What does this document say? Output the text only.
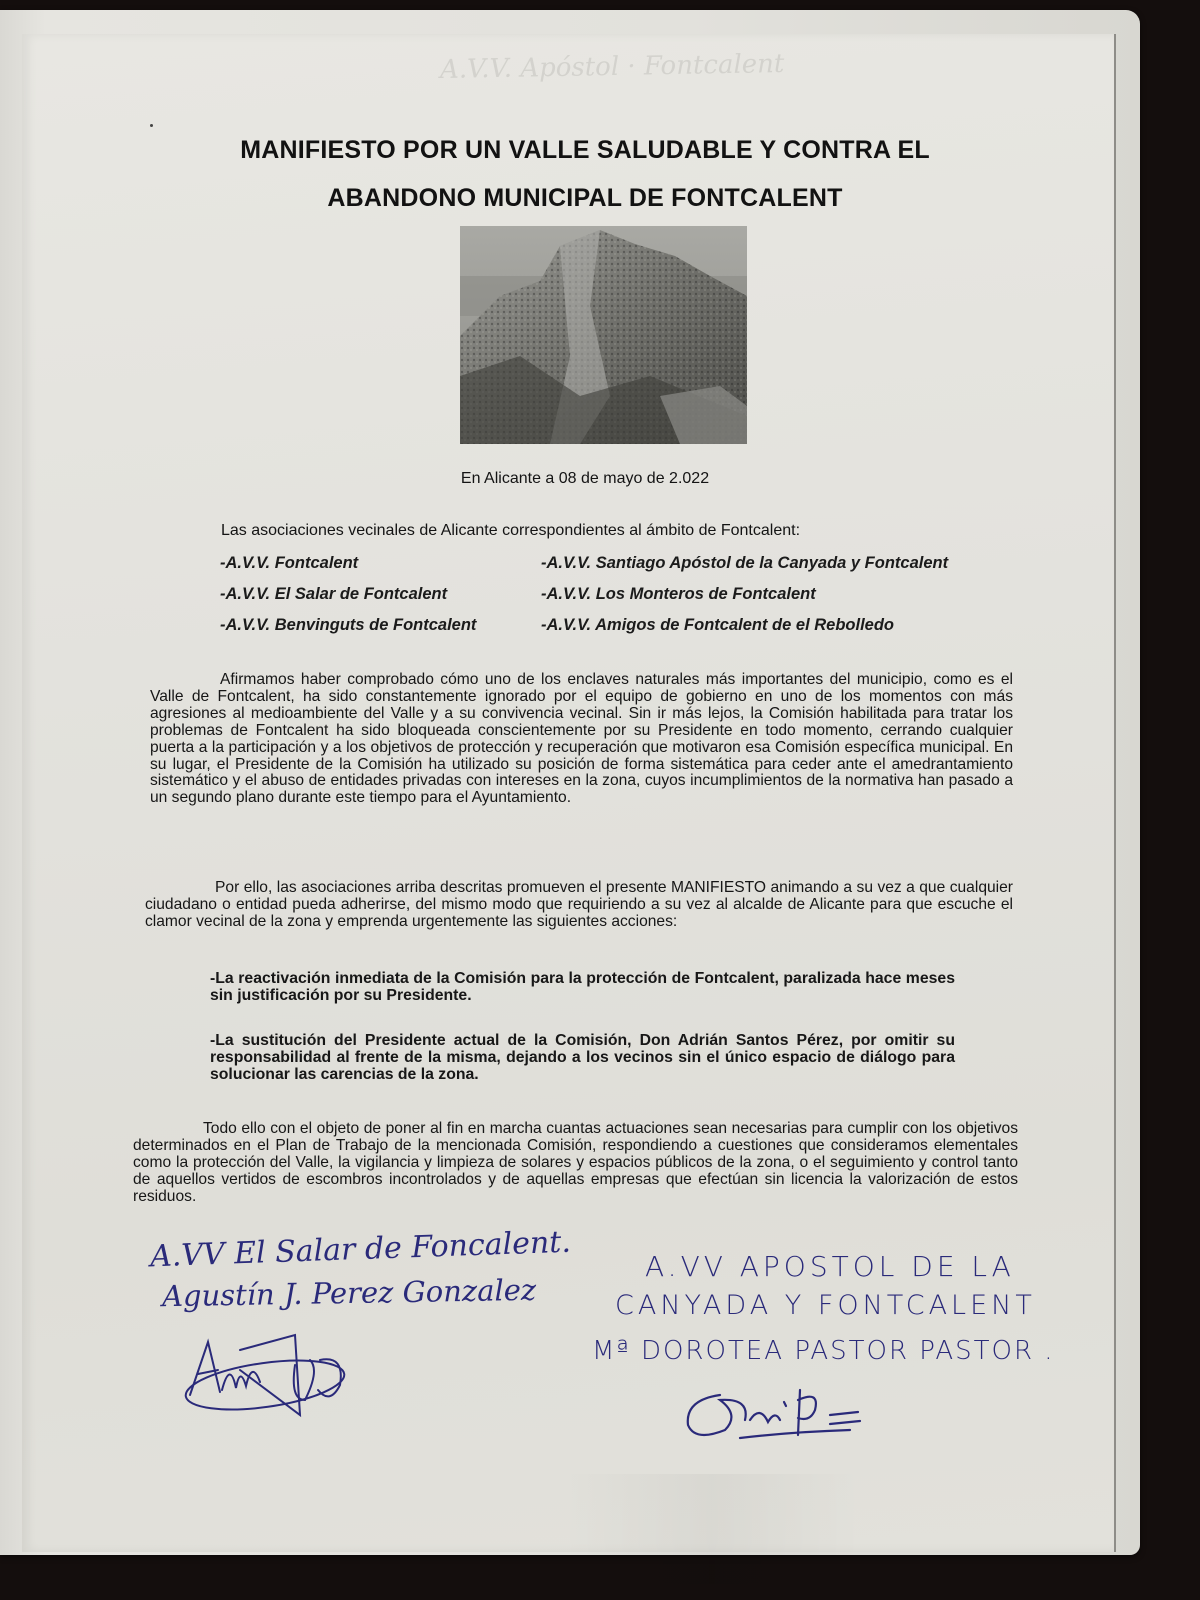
A.V.V. Apóstol · Fontcalent
MANIFIESTO POR UN VALLE SALUDABLE Y CONTRA EL
ABANDONO MUNICIPAL DE FONTCALENT
En Alicante a 08 de mayo de 2.022
Las asociaciones vecinales de Alicante correspondientes al ámbito de Fontcalent:
-A.V.V. Fontcalent
-A.V.V. El Salar de Fontcalent
-A.V.V. Benvinguts de Fontcalent
-A.V.V. Santiago Apóstol de la Canyada y Fontcalent
-A.V.V. Los Monteros de Fontcalent
-A.V.V. Amigos de Fontcalent de el Rebolledo
Afirmamos haber comprobado cómo uno de los enclaves naturales más importantes del municipio, como es el Valle de Fontcalent, ha sido constantemente ignorado por el equipo de gobierno en uno de los momentos con más agresiones al medioambiente del Valle y a su convivencia vecinal. Sin ir más lejos, la Comisión habilitada para tratar los problemas de Fontcalent ha sido bloqueada conscientemente por su Presidente en todo momento, cerrando cualquier puerta a la participación y a los objetivos de protección y recuperación que motivaron esa Comisión específica municipal. En su lugar, el Presidente de la Comisión ha utilizado su posición de forma sistemática para ceder ante el amedrantamiento sistemático y el abuso de entidades privadas con intereses en la zona, cuyos incumplimientos de la normativa han pasado a un segundo plano durante este tiempo para el Ayuntamiento.
Por ello, las asociaciones arriba descritas promueven el presente MANIFIESTO animando a su vez a que cualquier ciudadano o entidad pueda adherirse, del mismo modo que requiriendo a su vez al alcalde de Alicante para que escuche el clamor vecinal de la zona y emprenda urgentemente las siguientes acciones:
-La reactivación inmediata de la Comisión para la protección de Fontcalent, paralizada hace meses sin justificación por su Presidente.
-La sustitución del Presidente actual de la Comisión, Don Adrián Santos Pérez, por omitir su responsabilidad al frente de la misma, dejando a los vecinos sin el único espacio de diálogo para solucionar las carencias de la zona.
Todo ello con el objeto de poner al fin en marcha cuantas actuaciones sean necesarias para cumplir con los objetivos determinados en el Plan de Trabajo de la mencionada Comisión, respondiendo a cuestiones que consideramos elementales como la protección del Valle, la vigilancia y limpieza de solares y espacios públicos de la zona, o el seguimiento y control tanto de aquellos vertidos de escombros incontrolados y de aquellas empresas que efectúan sin licencia la valorización de estos residuos.
A.VV El Salar de Foncalent.
Agustín J. Perez Gonzalez
A.VV APOSTOL DE LA
CANYADA Y FONTCALENT
Mª DOROTEA PASTOR PASTOR .
